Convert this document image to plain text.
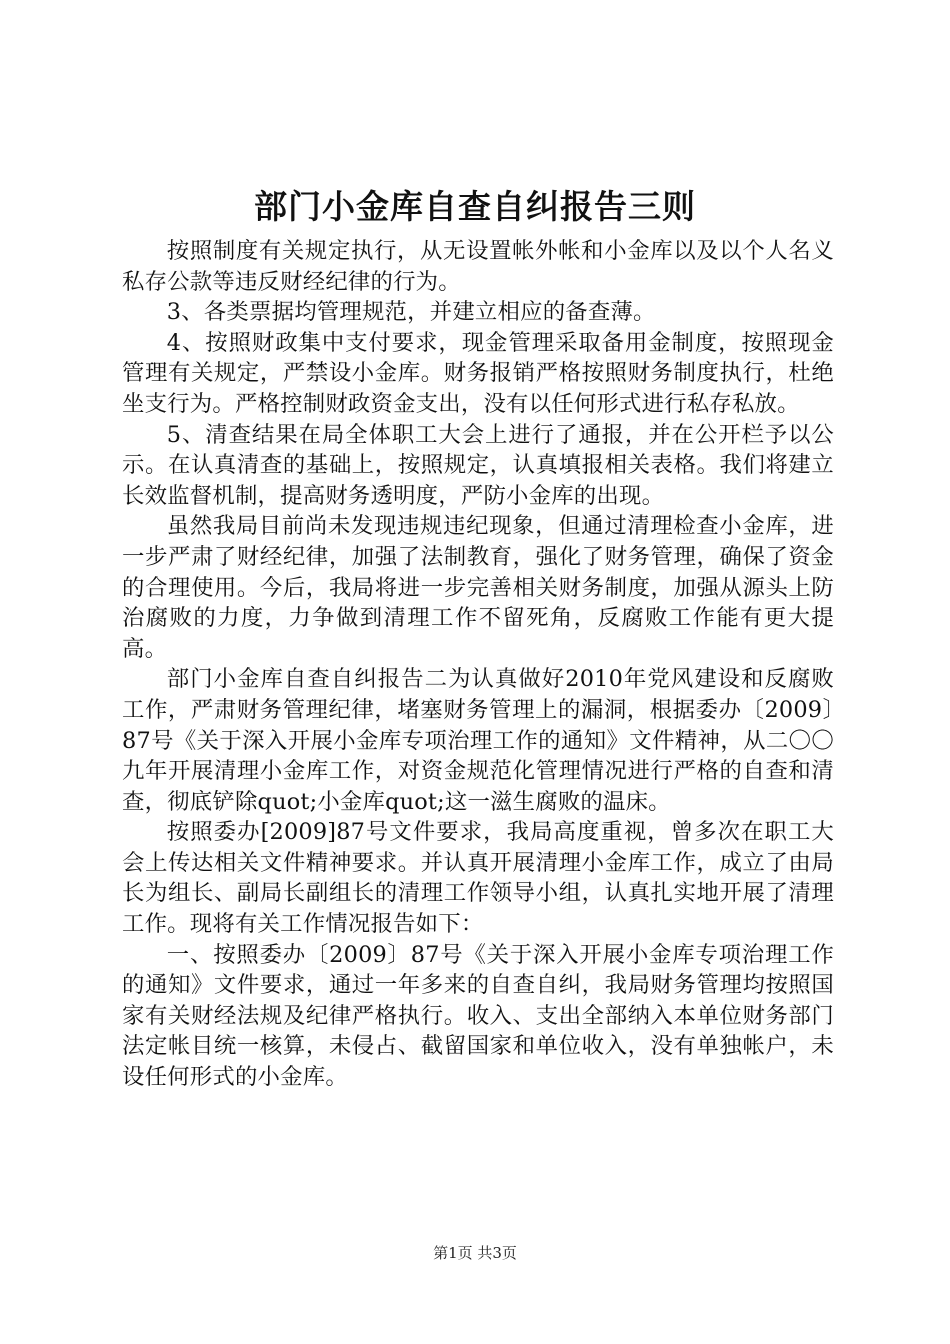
部门小金库自查自纠报告三则

按照制度有关规定执行，从无设置帐外帐和小金库以及以个人名义私存公款等违反财经纪律的行为。

3、各类票据均管理规范，并建立相应的备查薄。

4、按照财政集中支付要求，现金管理采取备用金制度，按照现金管理有关规定，严禁设小金库。财务报销严格按照财务制度执行，杜绝坐支行为。严格控制财政资金支出，没有以任何形式进行私存私放。

5、清查结果在局全体职工大会上进行了通报，并在公开栏予以公示。在认真清查的基础上，按照规定，认真填报相关表格。我们将建立长效监督机制，提高财务透明度，严防小金库的出现。

虽然我局目前尚未发现违规违纪现象，但通过清理检查小金库，进一步严肃了财经纪律，加强了法制教育，强化了财务管理，确保了资金的合理使用。今后，我局将进一步完善相关财务制度，加强从源头上防治腐败的力度，力争做到清理工作不留死角，反腐败工作能有更大提高。

部门小金库自查自纠报告二为认真做好2010年党风建设和反腐败工作，严肃财务管理纪律，堵塞财务管理上的漏洞，根据委办〔2009〕87号《关于深入开展小金库专项治理工作的通知》文件精神，从二〇〇九年开展清理小金库工作，对资金规范化管理情况进行严格的自查和清查，彻底铲除quot;小金库quot;这一滋生腐败的温床。

按照委办[2009]87号文件要求，我局高度重视，曾多次在职工大会上传达相关文件精神要求。并认真开展清理小金库工作，成立了由局长为组长、副局长副组长的清理工作领导小组，认真扎实地开展了清理工作。现将有关工作情况报告如下：

一、按照委办〔2009〕87号《关于深入开展小金库专项治理工作的通知》文件要求，通过一年多来的自查自纠，我局财务管理均按照国家有关财经法规及纪律严格执行。收入、支出全部纳入本单位财务部门法定帐目统一核算，未侵占、截留国家和单位收入，没有单独帐户，未设任何形式的小金库。

第1页 共3页
